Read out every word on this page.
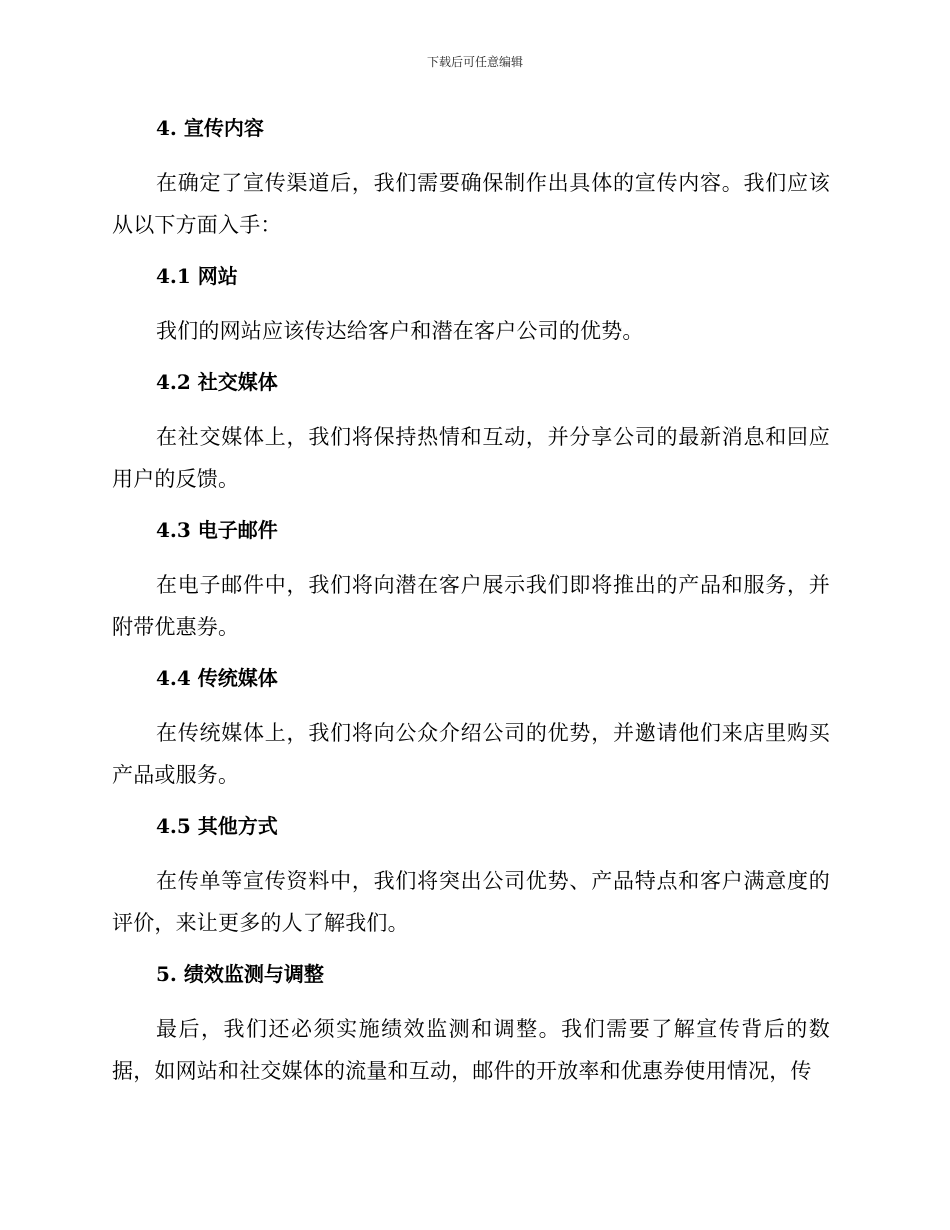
下载后可任意编辑
4. 宣传内容

在确定了宣传渠道后，我们需要确保制作出具体的宣传内容。我们应该从以下方面入手：

4.1 网站

我们的网站应该传达给客户和潜在客户公司的优势。

4.2 社交媒体

在社交媒体上，我们将保持热情和互动，并分享公司的最新消息和回应用户的反馈。

4.3 电子邮件

在电子邮件中，我们将向潜在客户展示我们即将推出的产品和服务，并附带优惠券。

4.4 传统媒体

在传统媒体上，我们将向公众介绍公司的优势，并邀请他们来店里购买产品或服务。

4.5 其他方式

在传单等宣传资料中，我们将突出公司优势、产品特点和客户满意度的评价，来让更多的人了解我们。

5. 绩效监测与调整

最后，我们还必须实施绩效监测和调整。我们需要了解宣传背后的数据，如网站和社交媒体的流量和互动，邮件的开放率和优惠券使用情况，传
